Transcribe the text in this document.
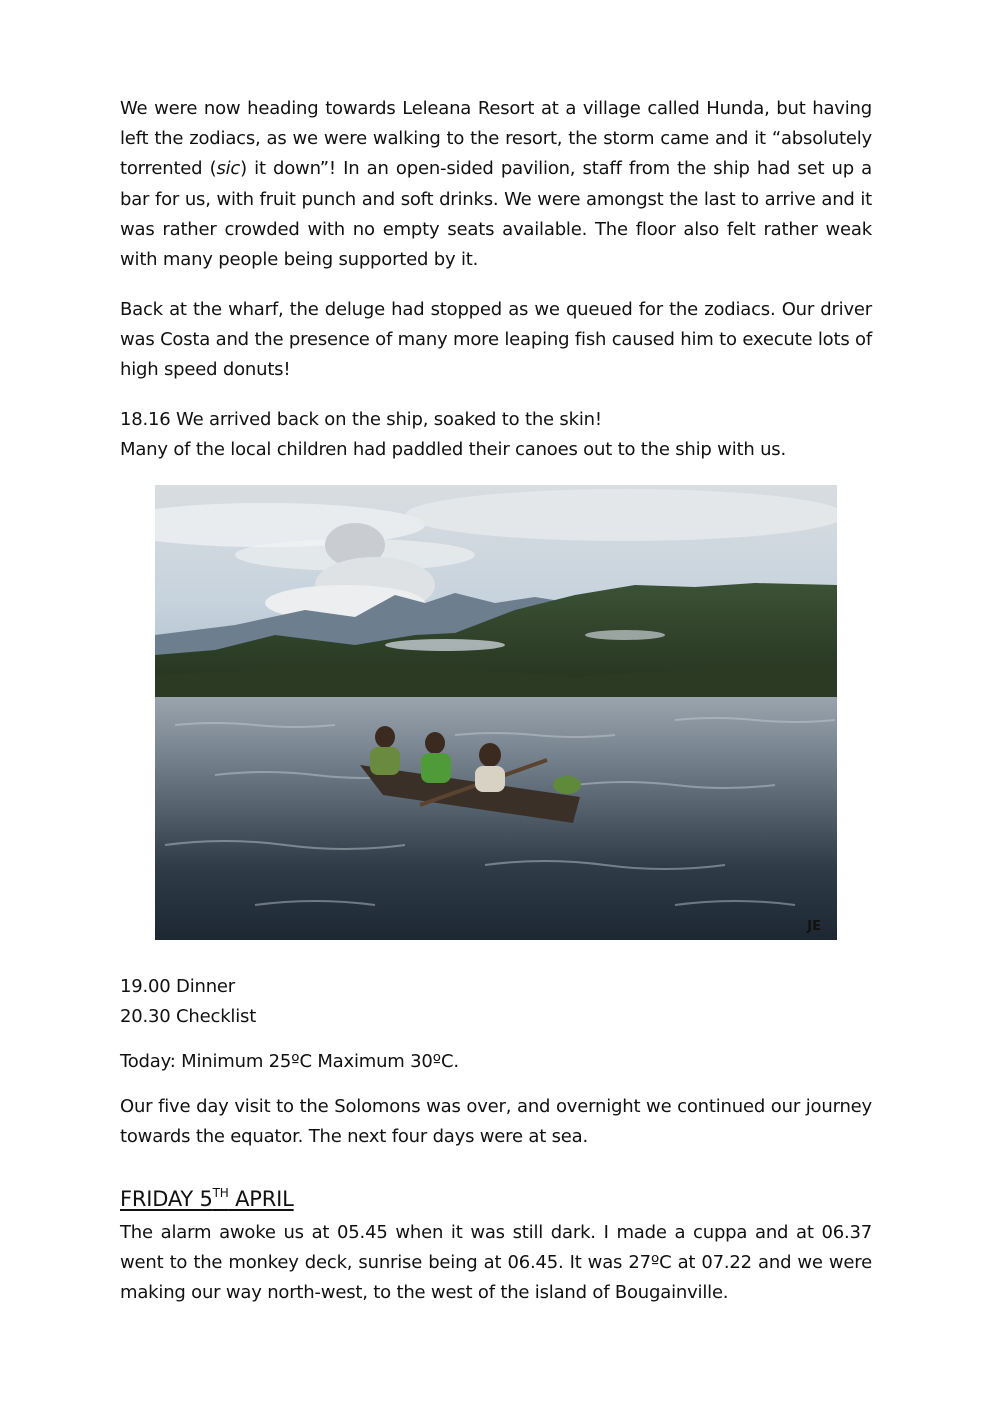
We were now heading towards Leleana Resort at a village called Hunda, but having left the zodiacs, as we were walking to the resort, the storm came and it “absolutely torrented (sic) it down”! In an open-sided pavilion, staff from the ship had set up a bar for us, with fruit punch and soft drinks. We were amongst the last to arrive and it was rather crowded with no empty seats available. The floor also felt rather weak with many people being supported by it.

Back at the wharf, the deluge had stopped as we queued for the zodiacs. Our driver was Costa and the presence of many more leaping fish caused him to execute lots of high speed donuts!

18.16 We arrived back on the ship, soaked to the skin!
Many of the local children had paddled their canoes out to the ship with us.
JE
19.00 Dinner
20.30 Checklist
Today: Minimum 25ºC Maximum 30ºC.

Our five day visit to the Solomons was over, and overnight we continued our journey towards the equator. The next four days were at sea.

FRIDAY 5TH APRIL

The alarm awoke us at 05.45 when it was still dark. I made a cuppa and at 06.37 went to the monkey deck, sunrise being at 06.45. It was 27ºC at 07.22 and we were making our way north-west, to the west of the island of Bougainville.
